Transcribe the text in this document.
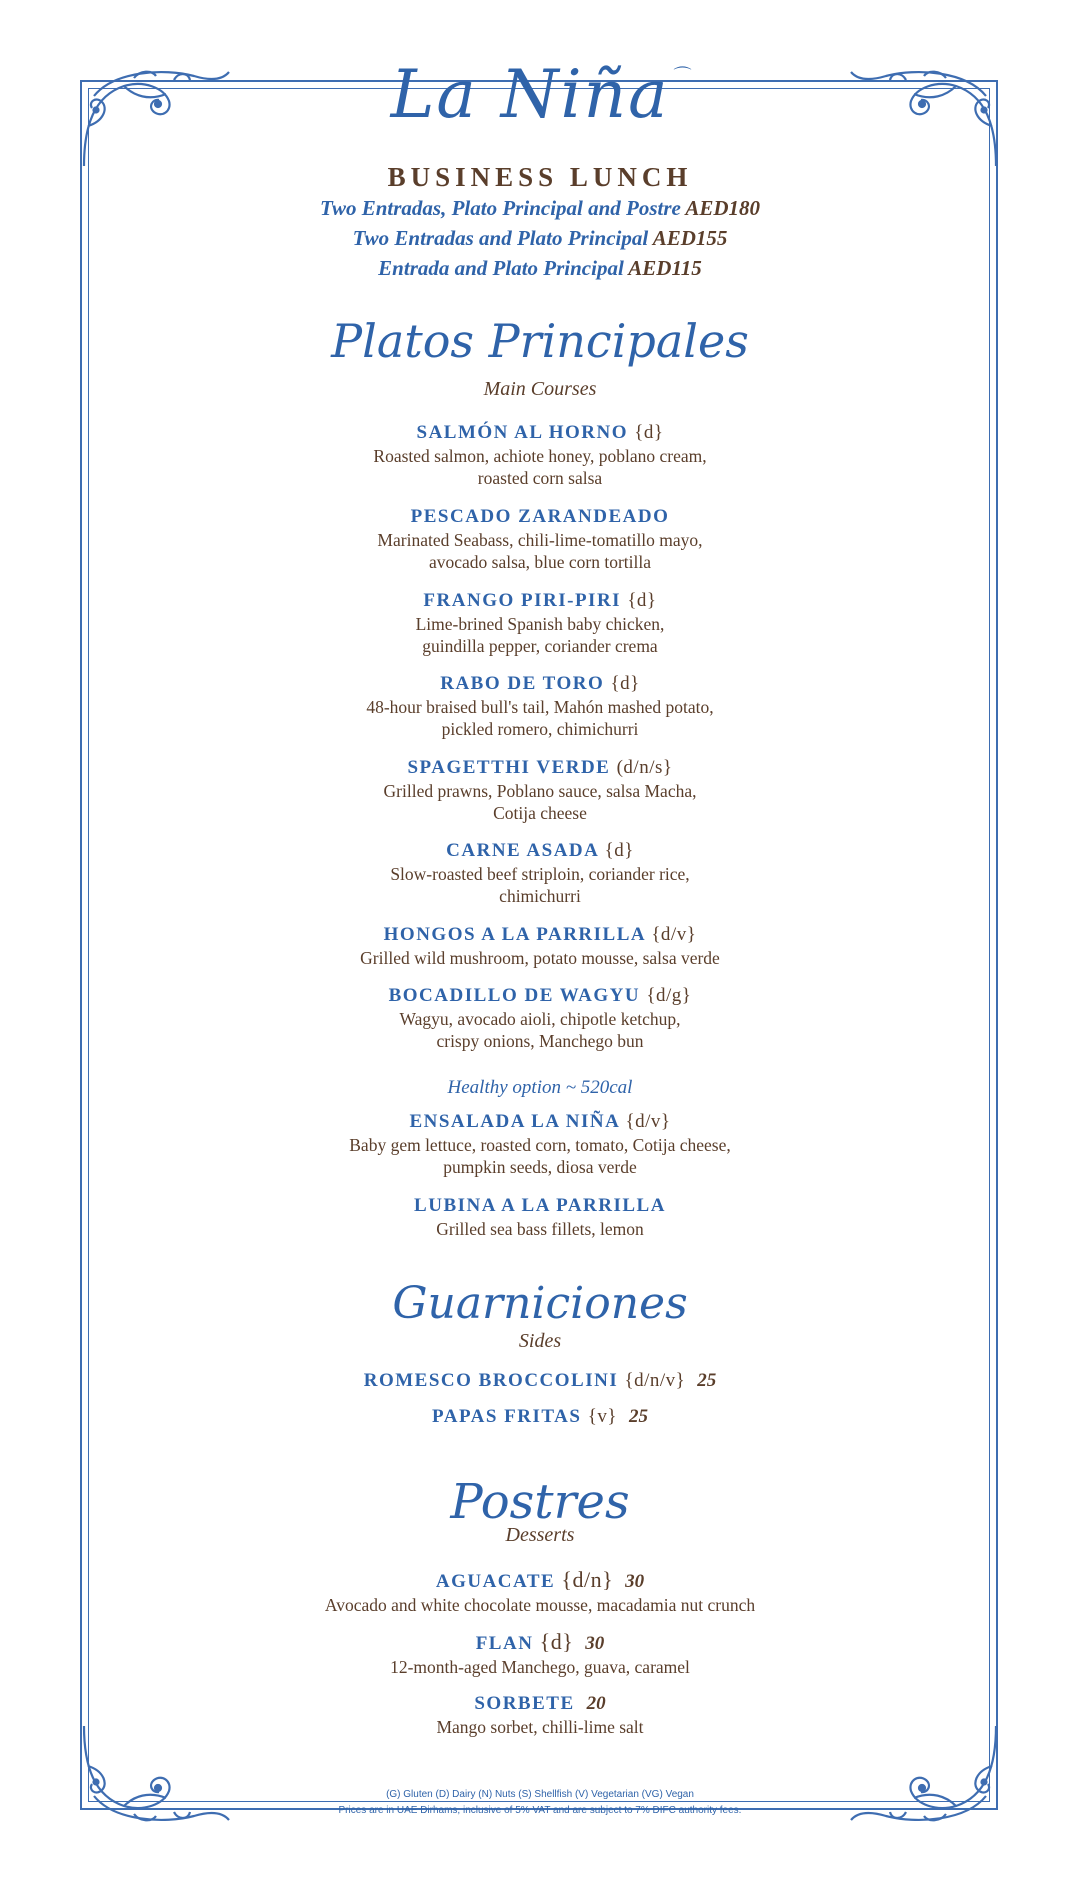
La Niña ⌒
BUSINESS LUNCH
Two Entradas, Plato Principal and Postre AED180
Two Entradas and Plato Principal AED155
Entrada and Plato Principal AED115
Platos Principales
Main Courses
SALMÓN AL HORNO {d}
Roasted salmon, achiote honey, poblano cream,
roasted corn salsa
PESCADO ZARANDEADO
Marinated Seabass, chili-lime-tomatillo mayo,
avocado salsa, blue corn tortilla
FRANGO PIRI-PIRI {d}
Lime-brined Spanish baby chicken,
guindilla pepper, coriander crema
RABO DE TORO {d}
48-hour braised bull's tail, Mahón mashed potato,
pickled romero, chimichurri
SPAGETTHI VERDE (d/n/s}
Grilled prawns, Poblano sauce, salsa Macha,
Cotija cheese
CARNE ASADA {d}
Slow-roasted beef striploin, coriander rice,
chimichurri
HONGOS A LA PARRILLA {d/v}
Grilled wild mushroom, potato mousse, salsa verde
BOCADILLO DE WAGYU {d/g}
Wagyu, avocado aioli, chipotle ketchup,
crispy onions, Manchego bun
Healthy option ~ 520cal
ENSALADA LA NIÑA {d/v}
Baby gem lettuce, roasted corn, tomato, Cotija cheese,
pumpkin seeds, diosa verde
LUBINA A LA PARRILLA
Grilled sea bass fillets, lemon
Guarniciones
Sides
ROMESCO BROCCOLINI {d/n/v} 25
PAPAS FRITAS {v} 25
Postres
Desserts
AGUACATE {d/n} 30
Avocado and white chocolate mousse, macadamia nut crunch
FLAN {d} 30
12-month-aged Manchego, guava, caramel
SORBETE 20
Mango sorbet, chilli-lime salt
(G) Gluten (D) Dairy (N) Nuts (S) Shellfish (V) Vegetarian (VG) Vegan
Prices are in UAE Dirhams, inclusive of 5% VAT and are subject to 7% DIFC authority fees.
